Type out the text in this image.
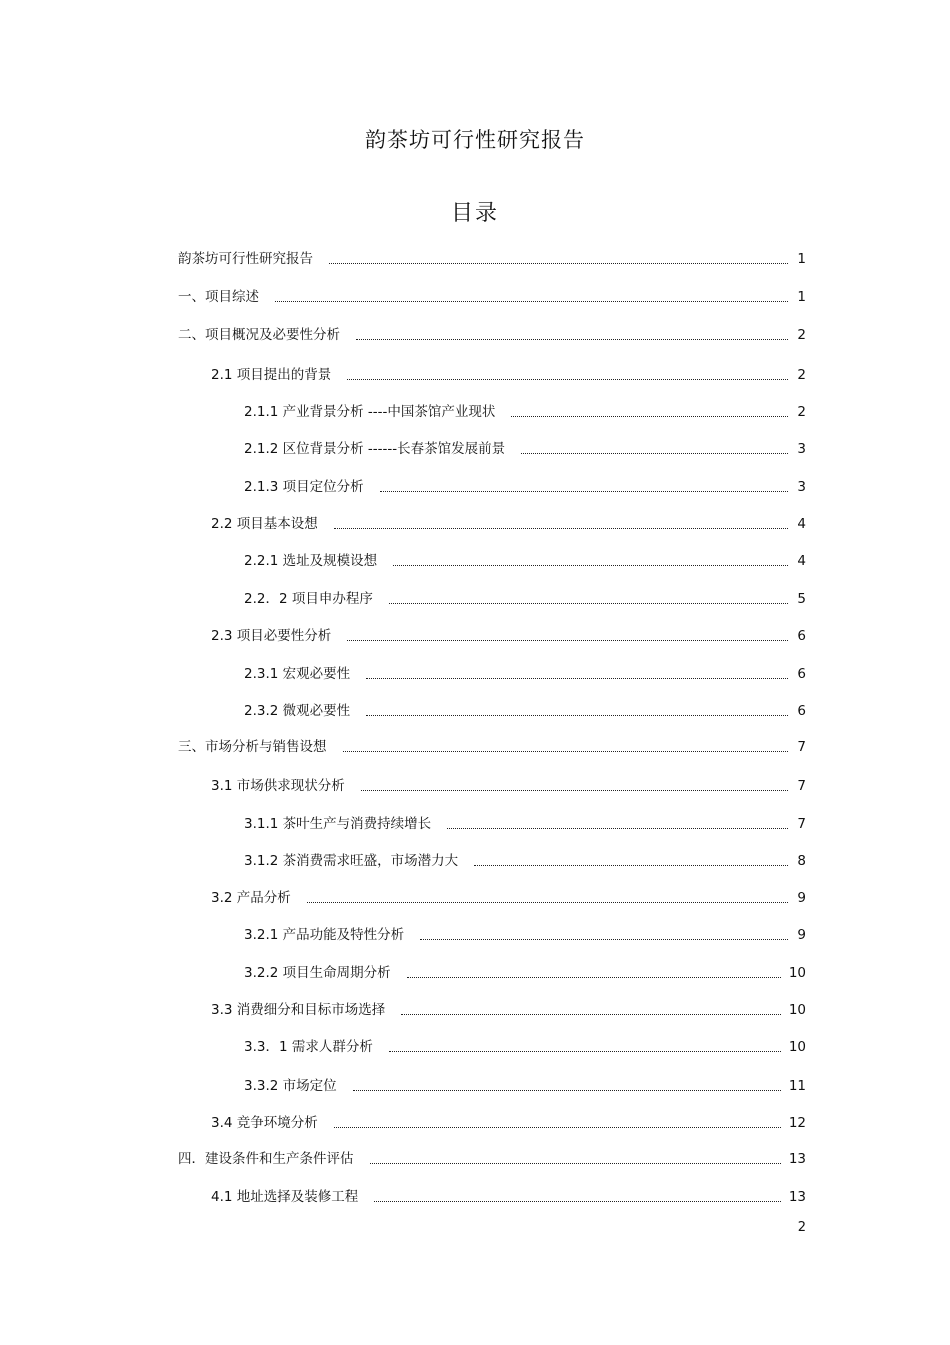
韵茶坊可行性研究报告
目录
韵茶坊可行性研究报告	1
一、项目综述	1
二、项目概况及必要性分析	2
2.1 项目提出的背景	2
2.1.1 产业背景分析 ----中国茶馆产业现状	2
2.1.2 区位背景分析 ------长春茶馆发展前景	3
2.1.3 项目定位分析	3
2.2 项目基本设想	4
2.2.1 选址及规模设想	4
2.2．2 项目申办程序	5
2.3 项目必要性分析	6
2.3.1 宏观必要性	6
2.3.2 微观必要性	6
三、市场分析与销售设想	7
3.1 市场供求现状分析	7
3.1.1 茶叶生产与消费持续增长	7
3.1.2 茶消费需求旺盛，市场潜力大	8
3.2 产品分析	9
3.2.1 产品功能及特性分析	9
3.2.2 项目生命周期分析	10
3.3 消费细分和目标市场选择	10
3.3．1 需求人群分析	10
3.3.2 市场定位	11
3.4 竞争环境分析	12
四．建设条件和生产条件评估	13
4.1 地址选择及装修工程	13
2
